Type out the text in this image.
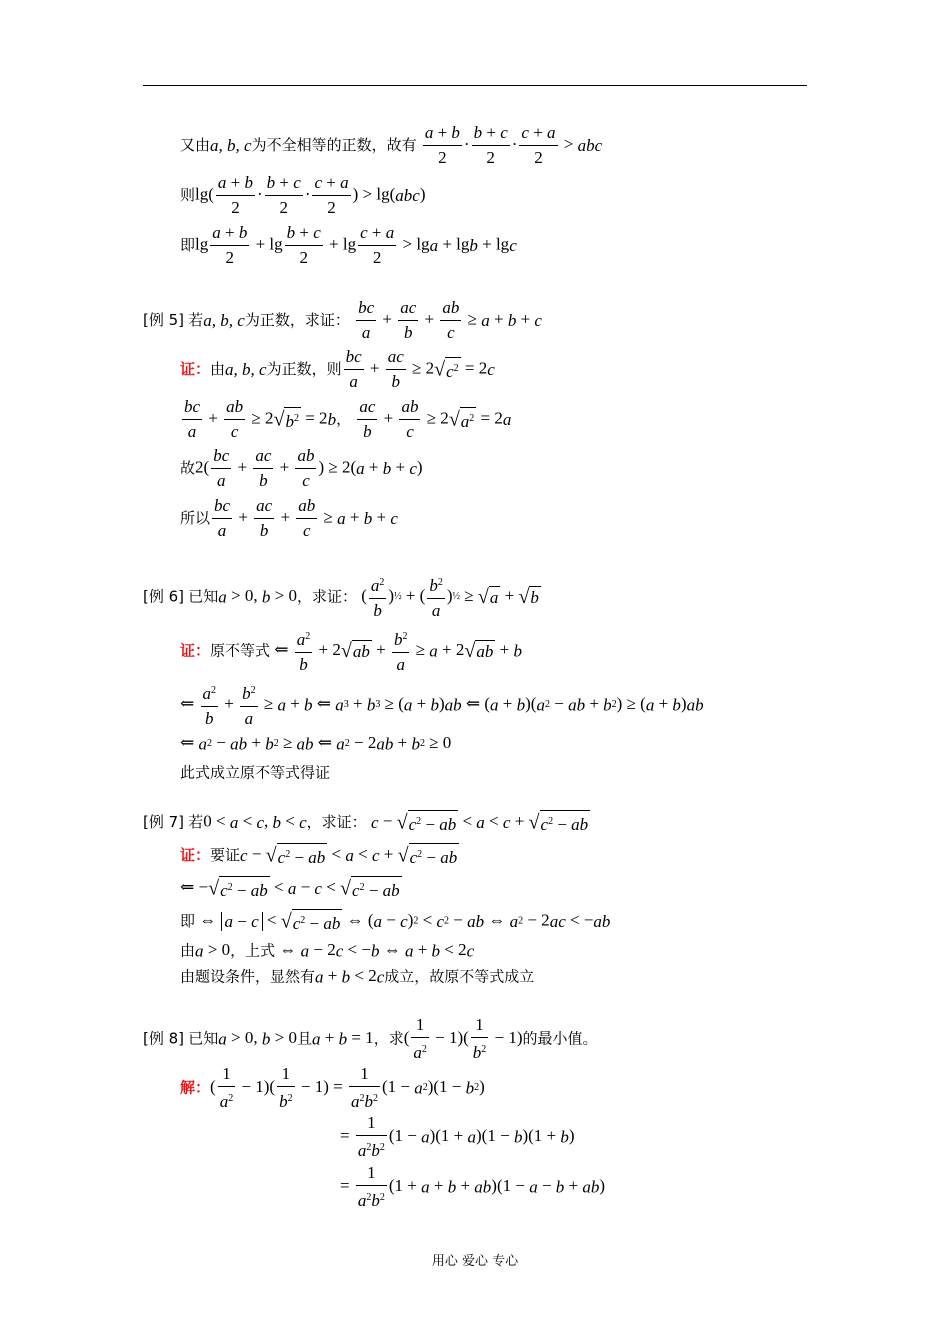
又由a, b, c为不全相等的正数，故有 $\frac{a + b}{2} \cdot \frac{b + c}{2} \cdot \frac{c + a}{2}$ > abc
则$\lg( \frac{a + b}{2} \cdot \frac{b + c}{2} \cdot \frac{c + a}{2}$ ) > lg(abc)
即$\lg \frac{a + b}{2} + \lg \frac{b + c}{2} + \lg \frac{c + a}{2} > \lg a + \lg b + \lg c$
[例 5] 若a, b, c为正数，求证： $\frac{bc}{a} + \frac{ac}{b} + \frac{ab}{c} \ge a + b + c$
证：由a, b, c为正数，则 $\frac{bc}{a} + \frac{ac}{b} \ge 2√c^2 = 2c$
$\frac{bc}{a} + \frac{ab}{c} \ge 2√b^2 = 2b$， $\frac{ac}{b} + \frac{ab}{c} \ge 2√a^2 = 2a$
故$2( \frac{bc}{a} + \frac{ac}{b} + \frac{ab}{c}$ ) ≥ 2(a + b + c)
所以 $\frac{bc}{a} + \frac{ac}{b} + \frac{ab}{c} \ge a + b + c$
[例 6] 已知a > 0, b > 0，求证： ( $\frac{a^2}{b}$ )½ + ( $\frac{b^2}{a}$ )½ ≥ √a + √b
证：原不等式 ⇐ $\frac{a^2}{b} + 2√ab + \frac{b^2}{a} \ge a + 2√ab + b$
⇐ $\frac{a^2}{b} + \frac{b^2}{a} \ge a + b$ ⇐ a3 + b3 ≥ (a + b)ab ⇐ (a + b)(a2 − ab + b2) ≥ (a + b)ab
⇐ a2 − ab + b2 ≥ ab ⇐ a2 − 2ab + b2 ≥ 0
此式成立原不等式得证
[例 7] 若0 < a < c, b < c，求证： $c - √c^2$ − ab < $a < c + √c^2$ − ab
证：要证$c - √c^2$ − ab < $a < c + √c^2$ − ab
⇐ $-√c^2$ − ab < $a - c < √c^2$ − ab
即 ⇔ $a - c < √c^2$ − ab ⇔ (a − c)2 < c2 − ab ⇔ a2 − 2ac < −ab
由a > 0，上式 ⇔ a − 2c < −b ⇔ a + b < 2c
由题设条件，显然有a + b < 2c成立，故原不等式成立
[例 8] 已知a > 0, b > 0且a + b = 1，求( $\frac{1}{a^2} - 1)( \frac{1}{b^2} - 1)$的最小值。
解：( $\frac{1}{a^2} - 1)( \frac{1}{b^2} - 1) = \frac{1}{a^2b^2} (1 - a2)(1 - b2)$
= $\frac{1}{a^2b^2} (1 - a)(1 + a)(1 - b)(1 + b)$
= $\frac{1}{a^2b^2} (1 + a + b + ab)(1 - a - b + ab)$
用心 爱心 专心
